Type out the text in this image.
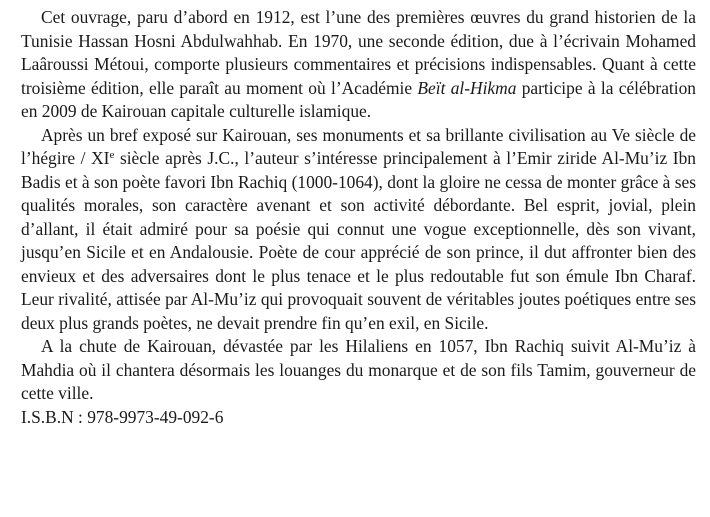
Cet ouvrage, paru d’abord en 1912, est l’une des premières œuvres du grand historien de la Tunisie Hassan Hosni Abdulwahhab. En 1970, une seconde édition, due à l’écrivain Mohamed Laâroussi Métoui, comporte plusieurs commentaires et précisions indispensables. Quant à cette troisième édition, elle paraît au moment où l’Académie Beït al-Hikma participe à la célébration en 2009 de Kairouan capitale culturelle islamique.

Après un bref exposé sur Kairouan, ses monuments et sa brillante civilisation au Ve siècle de l’hégire / XIe siècle après J.C., l’auteur s’intéresse principalement à l’Emir ziride Al-Mu’iz Ibn Badis et à son poète favori Ibn Rachiq (1000-1064), dont la gloire ne cessa de monter grâce à ses qualités morales, son caractère avenant et son activité débordante. Bel esprit, jovial, plein d’allant, il était admiré pour sa poésie qui connut une vogue exceptionnelle, dès son vivant, jusqu’en Sicile et en Andalousie. Poète de cour apprécié de son prince, il dut affronter bien des envieux et des adversaires dont le plus tenace et le plus redoutable fut son émule Ibn Charaf. Leur rivalité, attisée par Al-Mu’iz qui provoquait souvent de véritables joutes poétiques entre ses deux plus grands poètes, ne devait prendre fin qu’en exil, en Sicile.

A la chute de Kairouan, dévastée par les Hilaliens en 1057, Ibn Rachiq suivit Al-Mu’iz à Mahdia où il chantera désormais les louanges du monarque et de son fils Tamim, gouverneur de cette ville.

I.S.B.N : 978-9973-49-092-6
